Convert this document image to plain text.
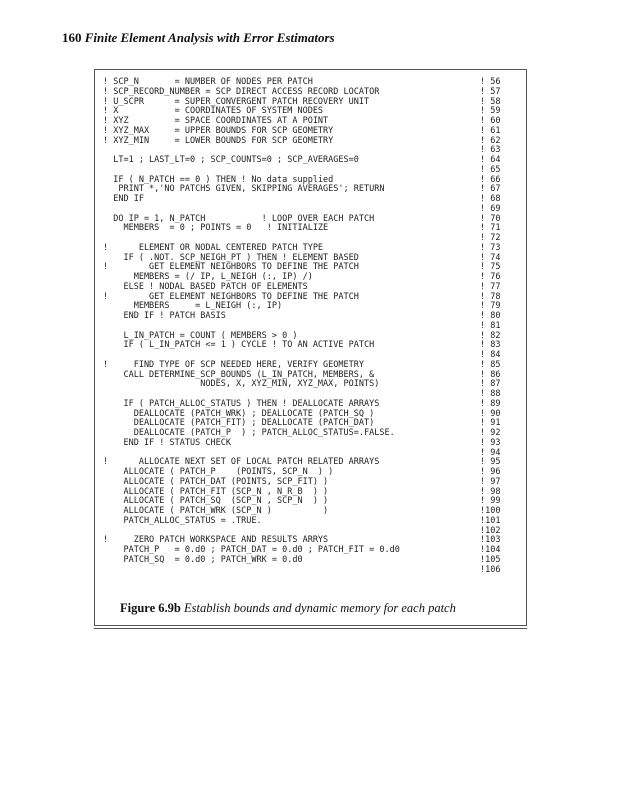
160 Finite Element Analysis with Error Estimators
! SCP_N       = NUMBER OF NODES PER PATCH	! 56
! SCP_RECORD_NUMBER = SCP DIRECT ACCESS RECORD LOCATOR	! 57
! U_SCPR      = SUPER_CONVERGENT PATCH RECOVERY UNIT	! 58
! X           = COORDINATES OF SYSTEM NODES	! 59
! XYZ         = SPACE COORDINATES AT A POINT	! 60
! XYZ_MAX     = UPPER BOUNDS FOR SCP GEOMETRY	! 61
! XYZ_MIN     = LOWER BOUNDS FOR SCP GEOMETRY	! 62
! 63
LT=1 ; LAST_LT=0 ; SCP_COUNTS=0 ; SCP_AVERAGES=0	! 64
! 65
IF ( N_PATCH == 0 ) THEN ! No data supplied	! 66
PRINT *,'NO PATCHS GIVEN, SKIPPING AVERAGES'; RETURN	! 67
END IF	! 68
! 69
DO IP = 1, N_PATCH           ! LOOP OVER EACH PATCH	! 70
MEMBERS  = 0 ; POINTS = 0   ! INITIALIZE	! 71
! 72
!      ELEMENT OR NODAL CENTERED PATCH TYPE	! 73
IF ( .NOT. SCP_NEIGH_PT ) THEN ! ELEMENT BASED	! 74
!        GET ELEMENT NEIGHBORS TO DEFINE THE PATCH	! 75
MEMBERS = (/ IP, L_NEIGH (:, IP) /)	! 76
ELSE ! NODAL BASED PATCH OF ELEMENTS	! 77
!        GET ELEMENT NEIGHBORS TO DEFINE THE PATCH	! 78
MEMBERS     = L_NEIGH (:, IP)	! 79
END IF ! PATCH BASIS	! 80
! 81
L_IN_PATCH = COUNT ( MEMBERS > 0 )	! 82
IF ( L_IN_PATCH <= 1 ) CYCLE ! TO AN ACTIVE PATCH	! 83
! 84
!     FIND TYPE OF SCP NEEDED HERE, VERIFY GEOMETRY	! 85
CALL DETERMINE_SCP_BOUNDS (L_IN_PATCH, MEMBERS, &	! 86
NODES, X, XYZ_MIN, XYZ_MAX, POINTS)	! 87
! 88
IF ( PATCH_ALLOC_STATUS ) THEN ! DEALLOCATE ARRAYS	! 89
DEALLOCATE (PATCH_WRK) ; DEALLOCATE (PATCH_SQ )	! 90
DEALLOCATE (PATCH_FIT) ; DEALLOCATE (PATCH_DAT)	! 91
DEALLOCATE (PATCH_P  ) ; PATCH_ALLOC_STATUS=.FALSE.	! 92
END IF ! STATUS CHECK	! 93
! 94
!      ALLOCATE NEXT SET OF LOCAL PATCH RELATED ARRAYS	! 95
ALLOCATE ( PATCH_P    (POINTS, SCP_N  ) )	! 96
ALLOCATE ( PATCH_DAT (POINTS, SCP_FIT) )	! 97
ALLOCATE ( PATCH_FIT (SCP_N , N_R_B  ) )	! 98
ALLOCATE ( PATCH_SQ  (SCP_N , SCP_N  ) )	! 99
ALLOCATE ( PATCH_WRK (SCP_N )          )	!100
PATCH_ALLOC_STATUS = .TRUE.	!101
!102
!     ZERO PATCH WORKSPACE AND RESULTS ARRYS	!103
PATCH_P   = 0.d0 ; PATCH_DAT = 0.d0 ; PATCH_FIT = 0.d0	!104
PATCH_SQ  = 0.d0 ; PATCH_WRK = 0.d0	!105
!106
Figure 6.9b Establish bounds and dynamic memory for each patch
